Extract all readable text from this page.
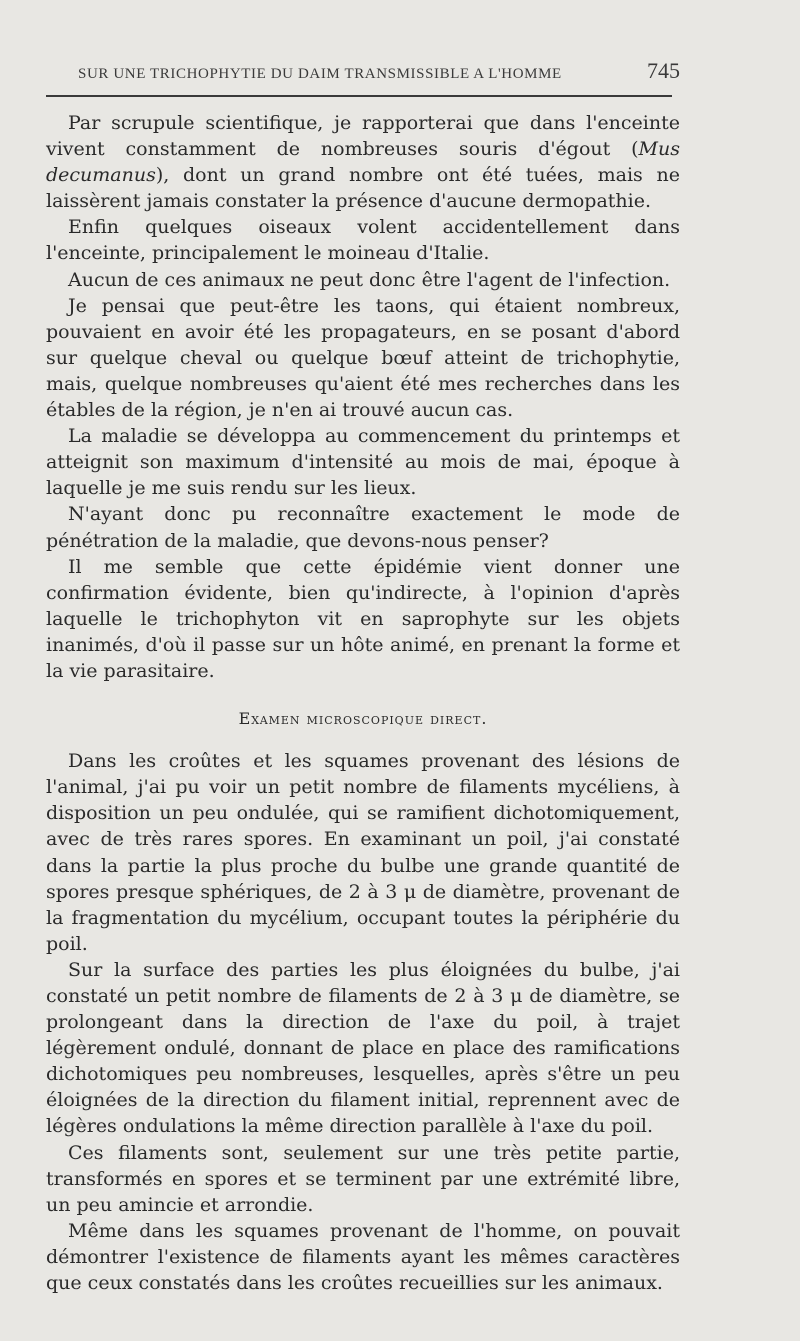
SUR UNE TRICHOPHYTIE DU DAIM TRANSMISSIBLE A L'HOMME	745

Par scrupule scientifique, je rapporterai que dans l'enceinte vivent constamment de nombreuses souris d'égout (Mus decumanus), dont un grand nombre ont été tuées, mais ne laissèrent jamais constater la présence d'aucune dermopathie.

Enfin quelques oiseaux volent accidentellement dans l'enceinte, principalement le moineau d'Italie.

Aucun de ces animaux ne peut donc être l'agent de l'infection.

Je pensai que peut-être les taons, qui étaient nombreux, pouvaient en avoir été les propagateurs, en se posant d'abord sur quelque cheval ou quelque bœuf atteint de trichophytie, mais, quelque nombreuses qu'aient été mes recherches dans les étables de la région, je n'en ai trouvé aucun cas.

La maladie se développa au commencement du printemps et atteignit son maximum d'intensité au mois de mai, époque à laquelle je me suis rendu sur les lieux.

N'ayant donc pu reconnaître exactement le mode de pénétration de la maladie, que devons-nous penser?

Il me semble que cette épidémie vient donner une confirmation évidente, bien qu'indirecte, à l'opinion d'après laquelle le trichophyton vit en saprophyte sur les objets inanimés, d'où il passe sur un hôte animé, en prenant la forme et la vie parasitaire.

Examen microscopique direct.

Dans les croûtes et les squames provenant des lésions de l'animal, j'ai pu voir un petit nombre de filaments mycéliens, à disposition un peu ondulée, qui se ramifient dichotomiquement, avec de très rares spores. En examinant un poil, j'ai constaté dans la partie la plus proche du bulbe une grande quantité de spores presque sphériques, de 2 à 3 μ de diamètre, provenant de la fragmentation du mycélium, occupant toutes la périphérie du poil.

Sur la surface des parties les plus éloignées du bulbe, j'ai constaté un petit nombre de filaments de 2 à 3 μ de diamètre, se prolongeant dans la direction de l'axe du poil, à trajet légèrement ondulé, donnant de place en place des ramifications dichotomiques peu nombreuses, lesquelles, après s'être un peu éloignées de la direction du filament initial, reprennent avec de légères ondulations la même direction parallèle à l'axe du poil.

Ces filaments sont, seulement sur une très petite partie, transformés en spores et se terminent par une extrémité libre, un peu amincie et arrondie.

Même dans les squames provenant de l'homme, on pouvait démontrer l'existence de filaments ayant les mêmes caractères que ceux constatés dans les croûtes recueillies sur les animaux.
